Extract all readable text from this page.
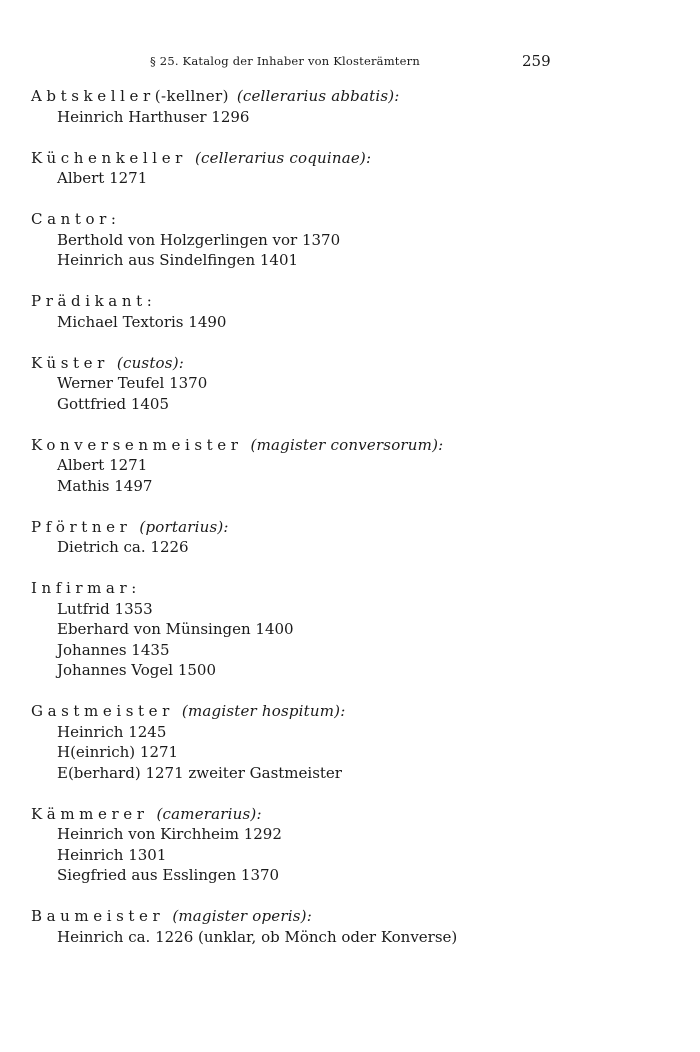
§ 25. Katalog der Inhaber von Klosterämtern	259
Abtskeller(-kellner) (cellerarius abbatis):
Heinrich Harthuser 1296
Küchenkeller (cellerarius coquinae):
Albert 1271
Cantor:
Berthold von Holzgerlingen vor 1370
Heinrich aus Sindelfingen 1401
Prädikant:
Michael Textoris 1490
Küster (custos):
Werner Teufel 1370
Gottfried 1405
Konversenmeister (magister conversorum):
Albert 1271
Mathis 1497
Pförtner (portarius):
Dietrich ca. 1226
Infirmar:
Lutfrid 1353
Eberhard von Münsingen 1400
Johannes 1435
Johannes Vogel 1500
Gastmeister (magister hospitum):
Heinrich 1245
H(einrich) 1271
E(berhard) 1271 zweiter Gastmeister
Kämmerer (camerarius):
Heinrich von Kirchheim 1292
Heinrich 1301
Siegfried aus Esslingen 1370
Baumeister (magister operis):
Heinrich ca. 1226 (unklar, ob Mönch oder Konverse)
